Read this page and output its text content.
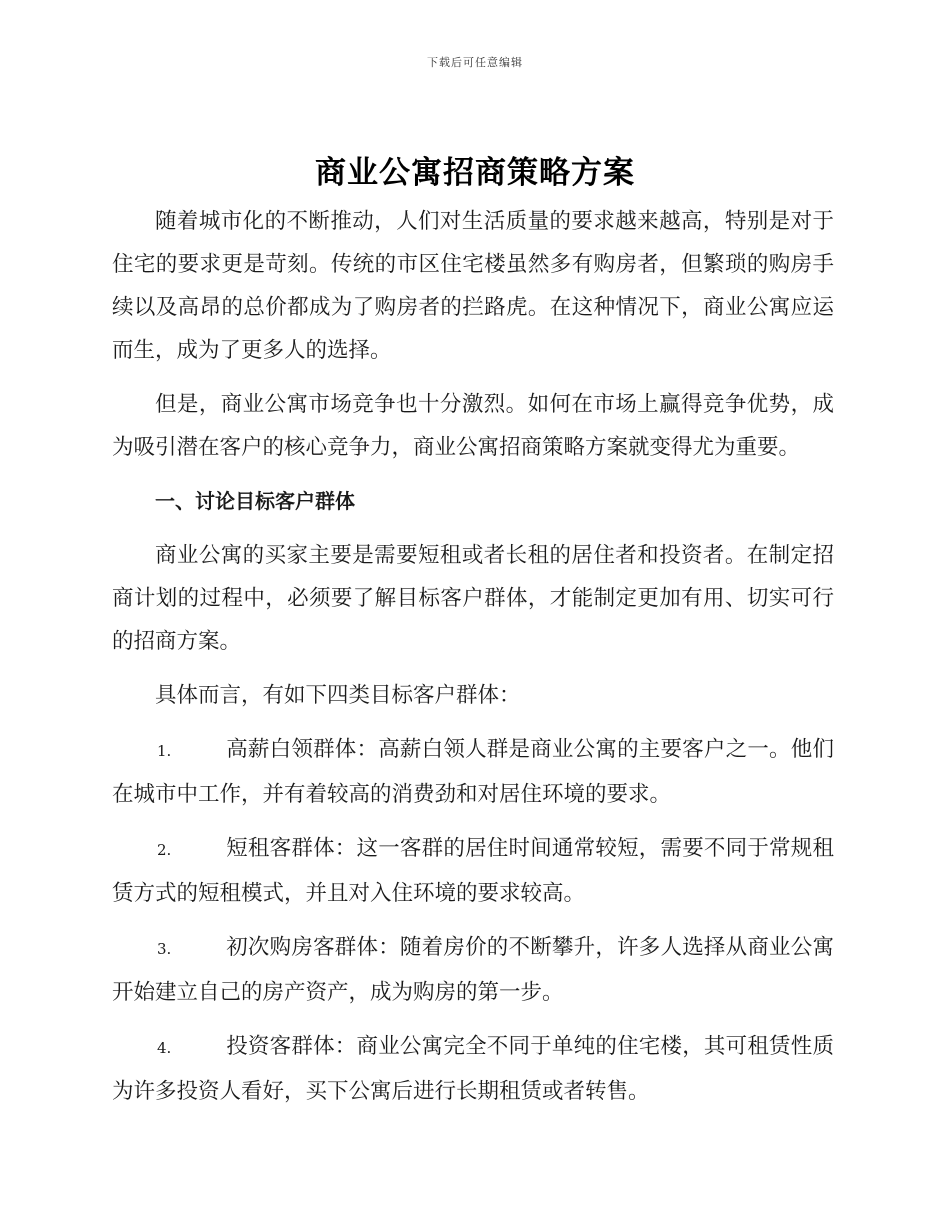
下载后可任意编辑
商业公寓招商策略方案

随着城市化的不断推动，人们对生活质量的要求越来越高，特别是对于住宅的要求更是苛刻。传统的市区住宅楼虽然多有购房者，但繁琐的购房手续以及高昂的总价都成为了购房者的拦路虎。在这种情况下，商业公寓应运而生，成为了更多人的选择。

但是，商业公寓市场竞争也十分激烈。如何在市场上赢得竞争优势，成为吸引潜在客户的核心竞争力，商业公寓招商策略方案就变得尤为重要。

一、讨论目标客户群体

商业公寓的买家主要是需要短租或者长租的居住者和投资者。在制定招商计划的过程中，必须要了解目标客户群体，才能制定更加有用、切实可行的招商方案。

具体而言，有如下四类目标客户群体：

1.	高薪白领群体：高薪白领人群是商业公寓的主要客户之一。他们在城市中工作，并有着较高的消费劲和对居住环境的要求。
2.	短租客群体：这一客群的居住时间通常较短，需要不同于常规租赁方式的短租模式，并且对入住环境的要求较高。
3.	初次购房客群体：随着房价的不断攀升，许多人选择从商业公寓开始建立自己的房产资产，成为购房的第一步。
4.	投资客群体：商业公寓完全不同于单纯的住宅楼，其可租赁性质为许多投资人看好，买下公寓后进行长期租赁或者转售。
